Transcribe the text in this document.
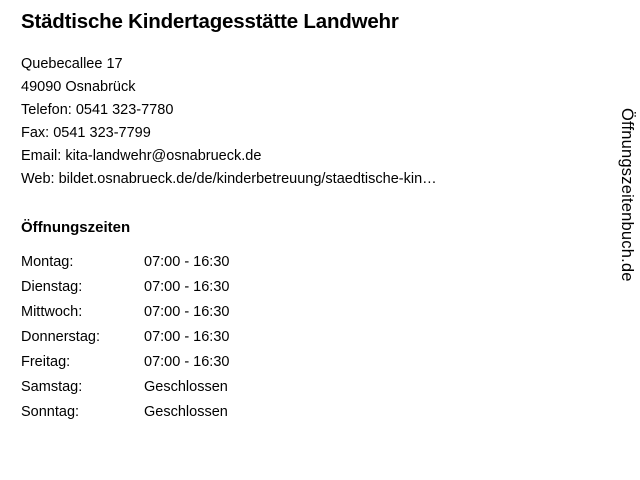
Städtische Kindertagesstätte Landwehr
Quebecallee 17
49090 Osnabrück
Telefon: 0541 323-7780
Fax: 0541 323-7799
Email: kita-landwehr@osnabrueck.de
Web: bildet.osnabrueck.de/de/kinderbetreuung/staedtische-kin…
Öffnungszeiten
Montag:	07:00 - 16:30
Dienstag:	07:00 - 16:30
Mittwoch:	07:00 - 16:30
Donnerstag:	07:00 - 16:30
Freitag:	07:00 - 16:30
Samstag:	Geschlossen
Sonntag:	Geschlossen
Öffnungszeitenbuch.de
